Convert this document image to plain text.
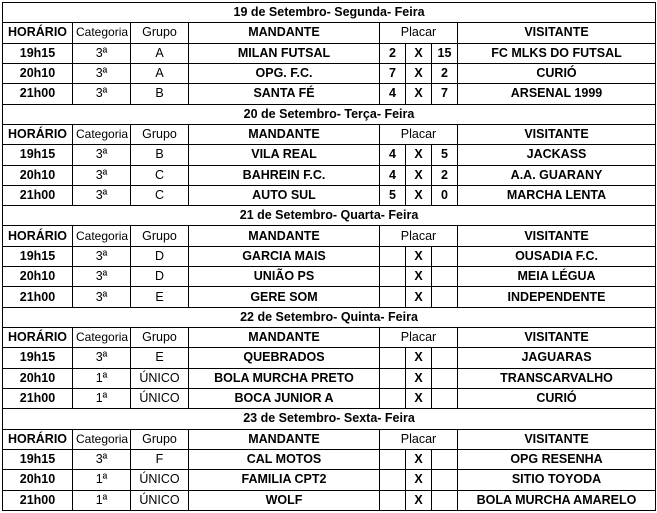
19 de Setembro- Segunda- Feira							
HORÁRIO	Categoria	Grupo	MANDANTE	Placar			VISITANTE
19h15	3ª	A	MILAN FUTSAL	2	X	15	FC MLKS DO FUTSAL
20h10	3ª	A	OPG. F.C.	7	X	2	CURIÓ
21h00	3ª	B	SANTA FÉ	4	X	7	ARSENAL 1999
20 de Setembro- Terça- Feira							
HORÁRIO	Categoria	Grupo	MANDANTE	Placar			VISITANTE
19h15	3ª	B	VILA REAL	4	X	5	JACKASS
20h10	3ª	C	BAHREIN F.C.	4	X	2	A.A. GUARANY
21h00	3ª	C	AUTO SUL	5	X	0	MARCHA LENTA
21 de Setembro- Quarta- Feira							
HORÁRIO	Categoria	Grupo	MANDANTE	Placar			VISITANTE
19h15	3ª	D	GARCIA MAIS		X		OUSADIA F.C.
20h10	3ª	D	UNIÃO PS		X		MEIA LÉGUA
21h00	3ª	E	GERE SOM		X		INDEPENDENTE
22 de Setembro- Quinta- Feira							
HORÁRIO	Categoria	Grupo	MANDANTE	Placar			VISITANTE
19h15	3ª	E	QUEBRADOS		X		JAGUARAS
20h10	1ª	ÚNICO	BOLA MURCHA PRETO		X		TRANSCARVALHO
21h00	1ª	ÚNICO	BOCA JUNIOR A		X		CURIÓ
23 de Setembro- Sexta- Feira							
HORÁRIO	Categoria	Grupo	MANDANTE	Placar			VISITANTE
19h15	3ª	F	CAL MOTOS		X		OPG RESENHA
20h10	1ª	ÚNICO	FAMILIA CPT2		X		SITIO TOYODA
21h00	1ª	ÚNICO	WOLF		X		BOLA MURCHA AMARELO
